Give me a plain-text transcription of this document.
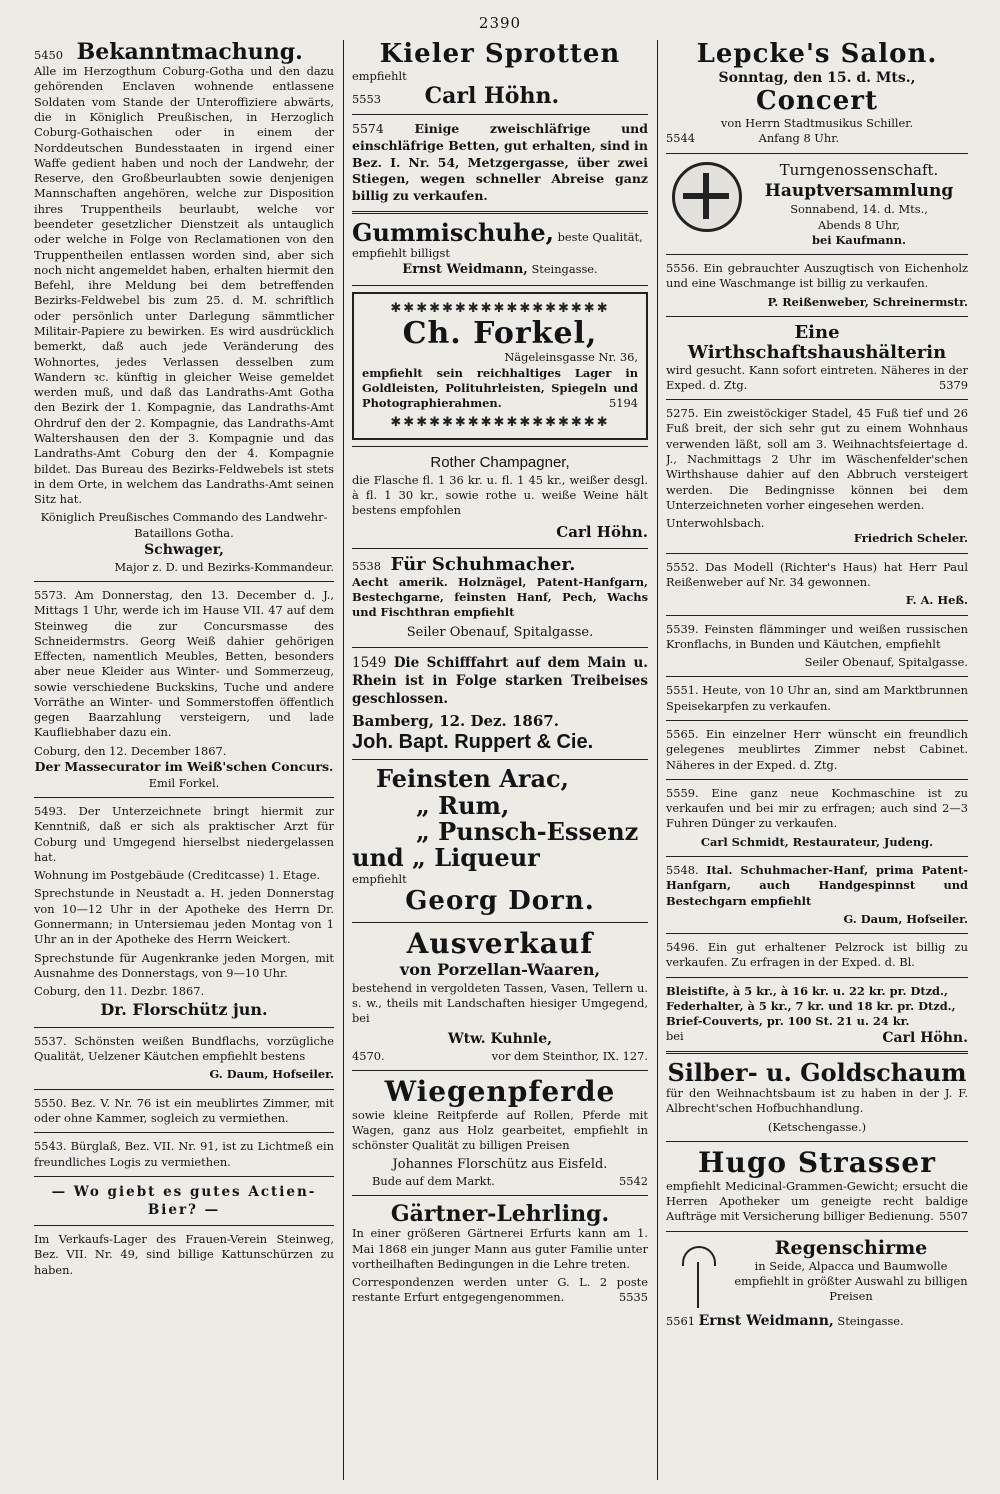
2390
5450 Bekanntmachung.

Alle im Herzogthum Coburg-Gotha und den dazu gehörenden Enclaven wohnende entlassene Soldaten vom Stande der Unteroffiziere abwärts, die in Königlich Preußischen, in Herzoglich Coburg-Gothaischen oder in einem der Norddeutschen Bundesstaaten in irgend einer Waffe gedient haben und noch der Landwehr, der Reserve, den Großbeurlaubten sowie denjenigen Mannschaften angehören, welche zur Disposition ihres Truppentheils beurlaubt, welche vor beendeter gesetzlicher Dienstzeit als untauglich oder welche in Folge von Reclamationen von den Truppentheilen entlassen worden sind, aber sich noch nicht angemeldet haben, erhalten hiermit den Befehl, ihre Meldung bei dem betreffenden Bezirks-Feldwebel bis zum 25. d. M. schriftlich oder persönlich unter Darlegung sämmtlicher Militair-Papiere zu bewirken. Es wird ausdrücklich bemerkt, daß auch jede Veränderung des Wohnortes, jedes Verlassen desselben zum Wandern ꝛc. künftig in gleicher Weise gemeldet werden muß, und daß das Landraths-Amt Gotha den Bezirk der 1. Kompagnie, das Landraths-Amt Ohrdruf den der 2. Kompagnie, das Landraths-Amt Waltershausen den der 3. Kompagnie und das Landraths-Amt Coburg den der 4. Kompagnie bildet. Das Bureau des Bezirks-Feldwebels ist stets in dem Orte, in welchem das Landraths-Amt seinen Sitz hat.

Königlich Preußisches Commando des Landwehr-Bataillons Gotha.
Schwager,
Major z. D. und Bezirks-Kommandeur.

5573. Am Donnerstag, den 13. December d. J., Mittags 1 Uhr, werde ich im Hause VII. 47 auf dem Steinweg die zur Concursmasse des Schneidermstrs. Georg Weiß dahier gehörigen Effecten, namentlich Meubles, Betten, besonders aber neue Kleider aus Winter- und Sommerzeug, sowie verschiedene Buckskins, Tuche und andere Vorräthe an Winter- und Sommerstoffen öffentlich gegen Baarzahlung versteigern, und lade Kaufliebhaber dazu ein.

Coburg, den 12. December 1867.
Der Massecurator im Weiß'schen Concurs.
Emil Forkel.

5493. Der Unterzeichnete bringt hiermit zur Kenntniß, daß er sich als praktischer Arzt für Coburg und Umgegend hierselbst niedergelassen hat.

Wohnung im Postgebäude (Creditcasse) 1. Etage.

Sprechstunde in Neustadt a. H. jeden Donnerstag von 10—12 Uhr in der Apotheke des Herrn Dr. Gonnermann; in Untersiemau jeden Montag von 1 Uhr an in der Apotheke des Herrn Weickert.

Sprechstunde für Augenkranke jeden Morgen, mit Ausnahme des Donnerstags, von 9—10 Uhr.

Coburg, den 11. Dezbr. 1867.
Dr. Florschütz jun.

5537. Schönsten weißen Bundflachs, vorzügliche Qualität, Uelzener Käutchen empfiehlt bestens

G. Daum, Hofseiler.

5550. Bez. V. Nr. 76 ist ein meublirtes Zimmer, mit oder ohne Kammer, sogleich zu vermiethen.

5543. Bürglaß, Bez. VII. Nr. 91, ist zu Lichtmeß ein freundliches Logis zu vermiethen.

— Wo giebt es gutes Actien-Bier? —

Im Verkaufs-Lager des Frauen-Verein Steinweg, Bez. VII. Nr. 49, sind billige Kattunschürzen zu haben.

Kieler Sprotten
empfiehlt
5553 Carl Höhn.

5574 Einige zweischläfrige und einschläfrige Betten, gut erhalten, sind in Bez. I. Nr. 54, Metzgergasse, über zwei Stiegen, wegen schneller Abreise ganz billig zu verkaufen.

Gummischuhe, beste Qualität, empfiehlt billigst
Ernst Weidmann, Steingasse.
✱✱✱✱✱✱✱✱✱✱✱✱✱✱✱✱✱
Ch. Forkel,
Nägeleinsgasse Nr. 36,

empfiehlt sein reichhaltiges Lager in Goldleisten, Polituhrleisten, Spiegeln und Photographierahmen.	5194

✱✱✱✱✱✱✱✱✱✱✱✱✱✱✱✱✱
Rother Champagner,

die Flasche fl. 1 36 kr. u. fl. 1 45 kr., weißer desgl. à fl. 1 30 kr., sowie rothe u. weiße Weine hält bestens empfohlen

Carl Höhn.
5538 Für Schuhmacher.

Aecht amerik. Holznägel, Patent-Hanfgarn, Bestechgarne, feinsten Hanf, Pech, Wachs und Fischthran empfiehlt

Seiler Obenauf, Spitalgasse.

1549 Die Schifffahrt auf dem Main u. Rhein ist in Folge starken Treibeises geschlossen.

Bamberg, 12. Dez. 1867.
Joh. Bapt. Ruppert & Cie.
Feinsten Arac,
„ Rum,
„ Punsch-Essenz
und „ Liqueur
empfiehlt
Georg Dorn.
Ausverkauf
von Porzellan-Waaren,

bestehend in vergoldeten Tassen, Vasen, Tellern u. s. w., theils mit Landschaften hiesiger Umgegend, bei

Wtw. Kuhnle,
4570.	vor dem Steinthor, IX. 127.
Wiegenpferde

sowie kleine Reitpferde auf Rollen, Pferde mit Wagen, ganz aus Holz gearbeitet, empfiehlt in schönster Qualität zu billigen Preisen

Johannes Florschütz aus Eisfeld.
Bude auf dem Markt.	5542
Gärtner-Lehrling.

In einer größeren Gärtnerei Erfurts kann am 1. Mai 1868 ein junger Mann aus guter Familie unter vortheilhaften Bedingungen in die Lehre treten.

Correspondenzen werden unter G. L. 2 poste restante Erfurt entgegengenommen.	5535

Lepcke's Salon.
Sonntag, den 15. d. Mts.,
Concert
von Herrn Stadtmusikus Schiller.
5544	Anfang 8 Uhr.
Turngenossenschaft.
Hauptversammlung
Sonnabend, 14. d. Mts.,
Abends 8 Uhr,
bei Kaufmann.

5556. Ein gebrauchter Auszugtisch von Eichenholz und eine Waschmange ist billig zu verkaufen.

P. Reißenweber, Schreinermstr.
Eine Wirthschaftshaushälterin

wird gesucht. Kann sofort eintreten. Näheres in der Exped. d. Ztg.	5379

5275. Ein zweistöckiger Stadel, 45 Fuß tief und 26 Fuß breit, der sich sehr gut zu einem Wohnhaus verwenden läßt, soll am 3. Weihnachtsfeiertage d. J., Nachmittags 2 Uhr im Wäschenfelder'schen Wirthshause dahier auf den Abbruch versteigert werden. Die Bedingnisse können bei dem Unterzeichneten vorher eingesehen werden.

Unterwohlsbach.
Friedrich Scheler.

5552. Das Modell (Richter's Haus) hat Herr Paul Reißenweber auf Nr. 34 gewonnen.

F. A. Heß.

5539. Feinsten flämminger und weißen russischen Kronflachs, in Bunden und Käutchen, empfiehlt

Seiler Obenauf, Spitalgasse.

5551. Heute, von 10 Uhr an, sind am Marktbrunnen Speisekarpfen zu verkaufen.

5565. Ein einzelner Herr wünscht ein freundlich gelegenes meublirtes Zimmer nebst Cabinet. Näheres in der Exped. d. Ztg.

5559. Eine ganz neue Kochmaschine ist zu verkaufen und bei mir zu erfragen; auch sind 2—3 Fuhren Dünger zu verkaufen.

Carl Schmidt, Restaurateur, Judeng.

5548. Ital. Schuhmacher-Hanf, prima Patent-Hanfgarn, auch Handgespinnst und Bestechgarn empfiehlt

G. Daum, Hofseiler.

5496. Ein gut erhaltener Pelzrock ist billig zu verkaufen. Zu erfragen in der Exped. d. Bl.

Bleistifte, à 5 kr., à 16 kr. u. 22 kr. pr. Dtzd.,
Federhalter, à 5 kr., 7 kr. und 18 kr. pr. Dtzd.,
Brief-Couverts, pr. 100 St. 21 u. 24 kr.
bei	Carl Höhn.
Silber- u. Goldschaum

für den Weihnachtsbaum ist zu haben in der J. F. Albrecht'schen Hofbuchhandlung.

(Ketschengasse.)
Hugo Strasser

empfiehlt Medicinal-Grammen-Gewicht; ersucht die Herren Apotheker um geneigte recht baldige Aufträge mit Versicherung billiger Bedienung. 5507

Regenschirme

in Seide, Alpacca und Baumwolle empfiehlt in größter Auswahl zu billigen Preisen

5561 Ernst Weidmann, Steingasse.
